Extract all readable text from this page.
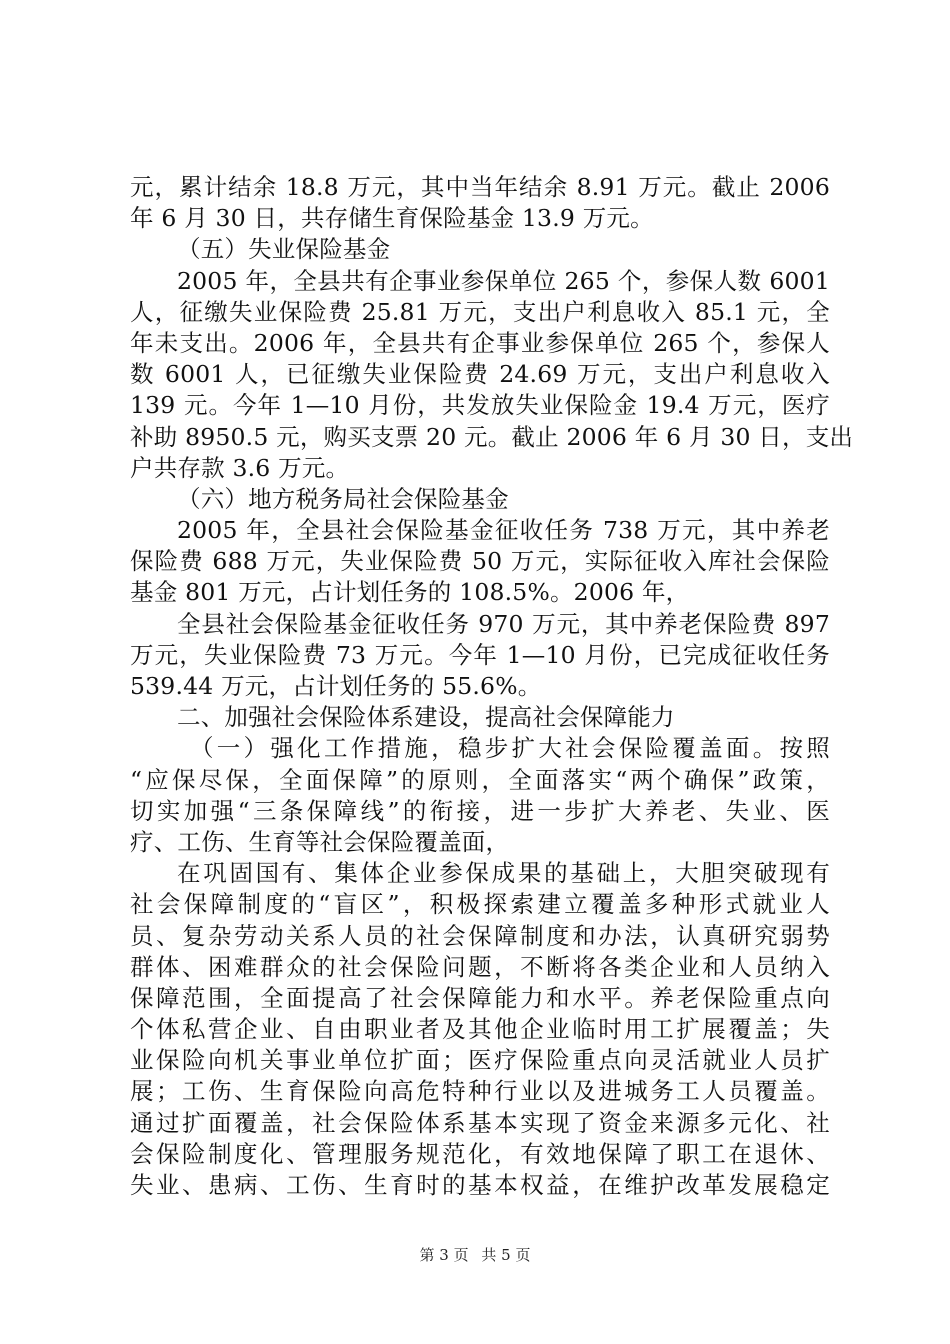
元，累计结余 18.8 万元，其中当年结余 8.91 万元。截止 2006
年 6 月 30 日，共存储生育保险基金 13.9 万元。
（五）失业保险基金
2005 年，全县共有企事业参保单位 265 个，参保人数 6001
人，征缴失业保险费 25.81 万元，支出户利息收入 85.1 元，全
年未支出。2006 年，全县共有企事业参保单位 265 个，参保人
数 6001 人，已征缴失业保险费 24.69 万元，支出户利息收入
139 元。今年 1—10 月份，共发放失业保险金 19.4 万元，医疗
补助 8950.5 元，购买支票 20 元。截止 2006 年 6 月 30 日，支出
户共存款 3.6 万元。
（六）地方税务局社会保险基金
2005 年，全县社会保险基金征收任务 738 万元，其中养老
保险费 688 万元，失业保险费 50 万元，实际征收入库社会保险
基金 801 万元，占计划任务的 108.5%。2006 年，
全县社会保险基金征收任务 970 万元，其中养老保险费 897
万元，失业保险费 73 万元。今年 1—10 月份，已完成征收任务
539.44 万元，占计划任务的 55.6%。
二、加强社会保险体系建设，提高社会保障能力
（一）强化工作措施，稳步扩大社会保险覆盖面。按照
“应保尽保，全面保障”的原则，全面落实“两个确保”政策，
切实加强“三条保障线”的衔接，进一步扩大养老、失业、医
疗、工伤、生育等社会保险覆盖面，
在巩固国有、集体企业参保成果的基础上，大胆突破现有
社会保障制度的“盲区”，积极探索建立覆盖多种形式就业人
员、复杂劳动关系人员的社会保障制度和办法，认真研究弱势
群体、困难群众的社会保险问题，不断将各类企业和人员纳入
保障范围，全面提高了社会保障能力和水平。养老保险重点向
个体私营企业、自由职业者及其他企业临时用工扩展覆盖；失
业保险向机关事业单位扩面；医疗保险重点向灵活就业人员扩
展；工伤、生育保险向高危特种行业以及进城务工人员覆盖。
通过扩面覆盖，社会保险体系基本实现了资金来源多元化、社
会保险制度化、管理服务规范化，有效地保障了职工在退休、
失业、患病、工伤、生育时的基本权益，在维护改革发展稳定
第 3 页 共 5 页
